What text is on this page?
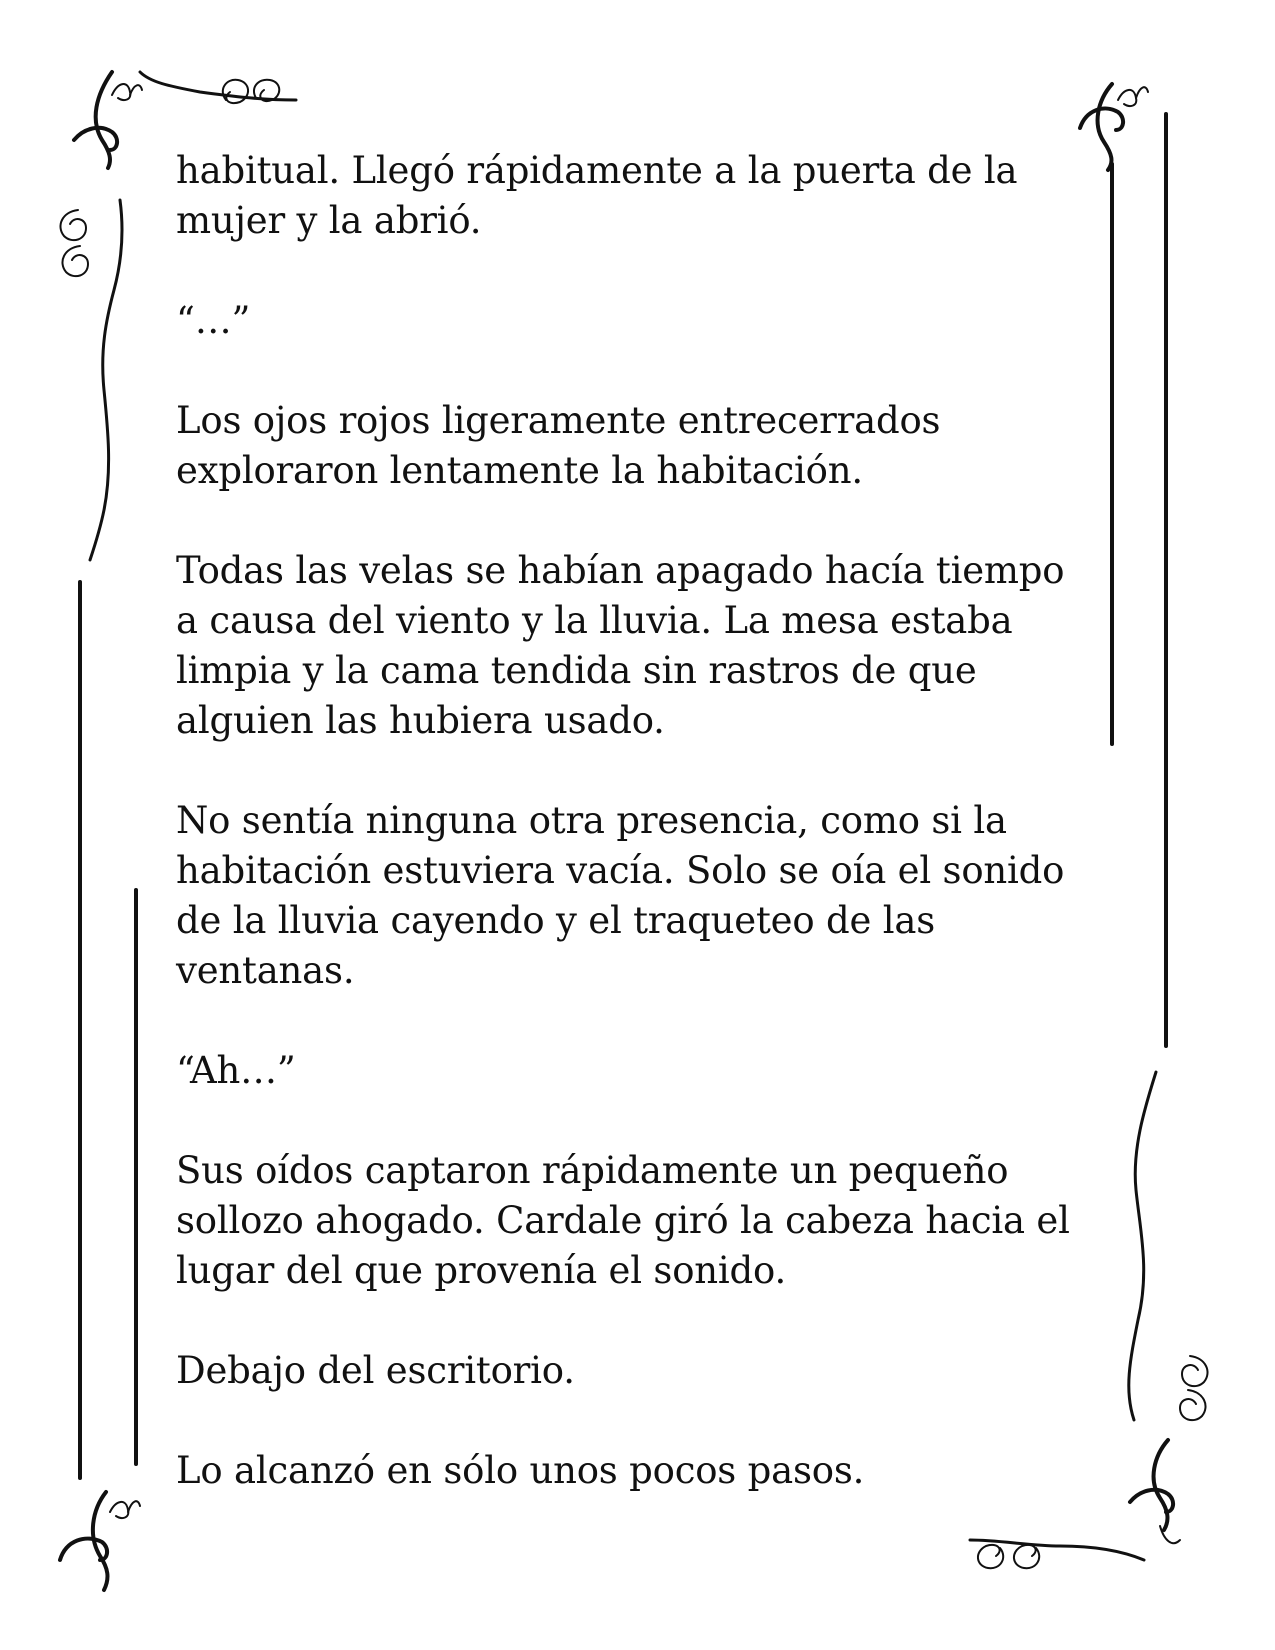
habitual. Llegó rápidamente a la puerta de la
mujer y la abrió.

“…”

Los ojos rojos ligeramente entrecerrados
exploraron lentamente la habitación.

Todas las velas se habían apagado hacía tiempo
a causa del viento y la lluvia. La mesa estaba
limpia y la cama tendida sin rastros de que
alguien las hubiera usado.

No sentía ninguna otra presencia, como si la
habitación estuviera vacía. Solo se oía el sonido
de la lluvia cayendo y el traqueteo de las
ventanas.

“Ah…”

Sus oídos captaron rápidamente un pequeño
sollozo ahogado. Cardale giró la cabeza hacia el
lugar del que provenía el sonido.

Debajo del escritorio.

Lo alcanzó en sólo unos pocos pasos.
